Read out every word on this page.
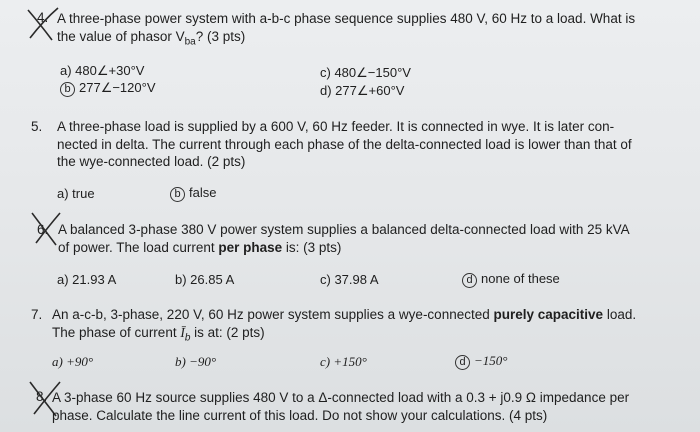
4. A three-phase power system with a-b-c phase sequence supplies 480 V, 60 Hz to a load. What is
the value of phasor $V_{ba}$? (3 pts)
a) 480∠+30°V
b 277∠−120°V
c) 480∠−150°V
d) 277∠+60°V
5. A three-phase load is supplied by a 600 V, 60 Hz feeder. It is connected in wye. It is later con-
nected in delta. The current through each phase of the delta-connected load is lower than that of
the wye-connected load. (2 pts)
a) true	b false
6. A balanced 3-phase 380 V power system supplies a balanced delta-connected load with 25 kVA
of power. The load current per phase is: (3 pts)
a) 21.93 A	b) 26.85 A	c) 37.98 A	d none of these
7. An a-c-b, 3-phase, 220 V, 60 Hz power system supplies a wye-connected purely capacitive load.
The phase of current $Ī_b$ is at: (2 pts)
a) +90°	b) −90°	c) +150°	d −150°
8. A 3-phase 60 Hz source supplies 480 V to a Δ-connected load with a 0.3 + j0.9 Ω impedance per
phase. Calculate the line current of this load. Do not show your calculations. (4 pts)
